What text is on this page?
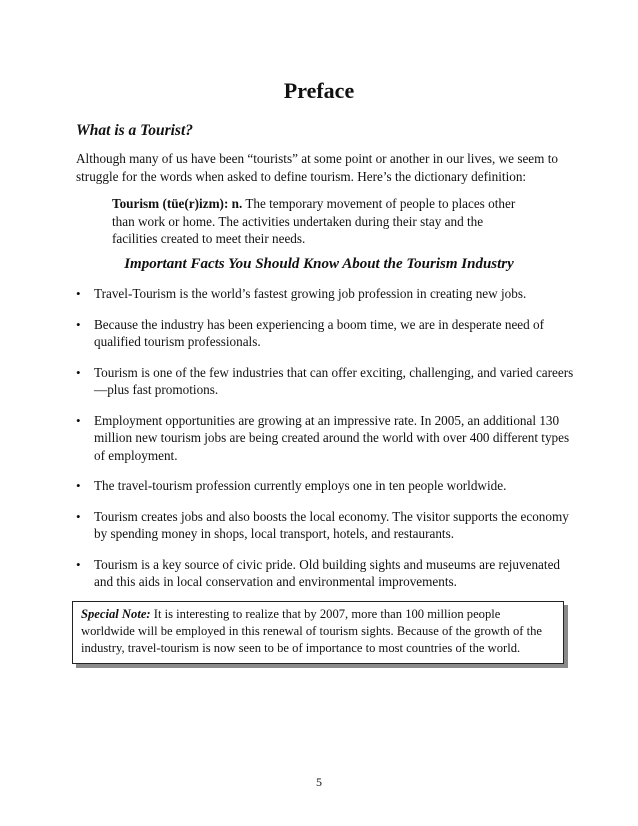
Preface
What is a Tourist?

Although many of us have been “tourists” at some point or another in our lives, we seem to struggle for the words when asked to define tourism. Here’s the dictionary definition:

Tourism (tüe(r)izm): n. The temporary movement of people to places other than work or home. The activities undertaken during their stay and the facilities created to meet their needs.

Important Facts You Should Know About the Tourism Industry
• Travel-Tourism is the world’s fastest growing job profession in creating new jobs.
• Because the industry has been experiencing a boom time, we are in desperate need of qualified tourism professionals.
• Tourism is one of the few industries that can offer exciting, challenging, and varied careers—plus fast promotions.
• Employment opportunities are growing at an impressive rate. In 2005, an additional 130 million new tourism jobs are being created around the world with over 400 different types of employment.
• The travel-tourism profession currently employs one in ten people worldwide.
• Tourism creates jobs and also boosts the local economy. The visitor supports the economy by spending money in shops, local transport, hotels, and restaurants.
• Tourism is a key source of civic pride. Old building sights and museums are rejuvenated and this aids in local conservation and environmental improvements.
Special Note: It is interesting to realize that by 2007, more than 100 million people worldwide will be employed in this renewal of tourism sights. Because of the growth of the industry, travel-tourism is now seen to be of importance to most countries of the world.

5
